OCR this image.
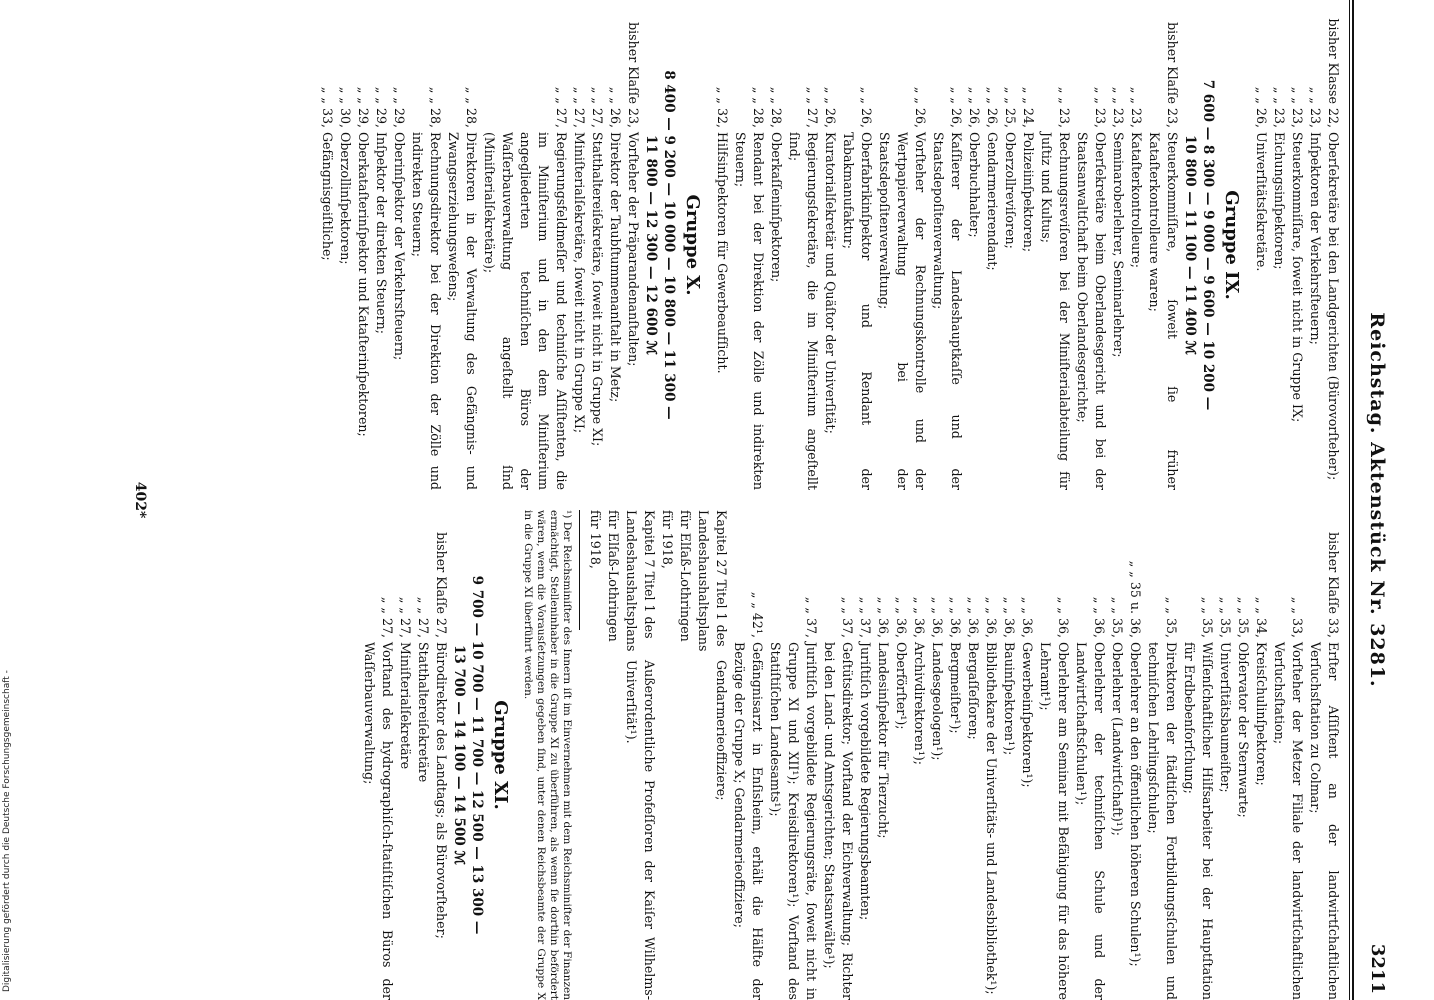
Reichstag. Aktenstück Nr. 3281.
3211
bisher Klasse 22,
Oberſekretäre bei den Landgerichten (Bürovorſteher);
„ „ 23,
Inſpektoren der Verkehrsſteuern;
„ „ 23,
Steuerkommiſſare, ſoweit nicht in Gruppe IX;
„ „ 23,
Eichungsinſpektoren;
„ „ 26,
Univerſitätsſekretäre.
Gruppe IX.
7 600 — 8 300 — 9 000 — 9 600 — 10 200 —
10 800 — 11 100 — 11 400 ℳ
bisher Klaſſe 23,
Steuerkommiſſare, ſoweit ſie früher Kataſterkontrolleure waren;
„ „ 23,
Kataſterkontrolleure;
„ „ 23,
Seminaroberlehrer, Seminarlehrer;
„ „ 23,
Oberſekretäre beim Oberlandesgericht und bei der Staatsanwaltſchaft beim Oberlandesgerichte;
„ „ 23,
Rechnungsreviſoren bei der Miniſterialabteilung für Juſtiz und Kultus;
„ „ 24,
Polizeiinſpektoren;
„ „ 25,
Oberzollreviſoren;
„ „ 26,
Gendarmerierendant;
„ „ 26,
Oberbuchhalter;
„ „ 26,
Kaſſierer der Landeshauptkaſſe und der Staatsdepoſitenverwaltung;
„ „ 26,
Vorſteher der Rechnungskontrolle und der Wertpapierverwaltung bei der Staatsdepoſitenverwaltung;
„ „ 26,
Oberfabrikinſpektor und Rendant der Tabakmanufaktur;
„ „ 26,
Kuratorialſekretär und Quäſtor der Univerſität;
„ „ 27,
Regierungsſekretäre, die im Miniſterium angeſtellt ſind;
„ „ 28,
Oberkaſſeninſpektoren;
„ „ 28,
Rendant bei der Direktion der Zölle und indirekten Steuern;
„ „ 32,
Hilfsinſpektoren für Gewerbeaufſicht.
Gruppe X.
8 400 — 9 200 — 10 000 — 10 800 — 11 300 —
11 800 — 12 300 — 12 600 ℳ
bisher Klaſſe 23,
Vorſteher der Präparandenanſtalten;
„ „ 26,
Direktor der Taubſtummenanſtalt in Metz;
„ „ 27,
Statthaltereiſekretäre, ſoweit nicht in Gruppe XI;
„ „ 27,
Miniſterialſekretäre, ſoweit nicht in Gruppe XI;
„ „ 27,
Regierungsfeldmeſſer und techniſche Aſſiſtenten, die im Miniſterium und in den dem Miniſterium angegliederten techniſchen Büros der Waſſerbauverwaltung angeſtellt ſind (Miniſterialſekretäre);
„ „ 28,
Direktoren in der Verwaltung des Gefängnis- und Zwangserziehungsweſens;
„ „ 28,
Rechnungsdirektor bei der Direktion der Zölle und indirekten Steuern;
„ „ 29,
Oberinſpektor der Verkehrsſteuern;
„ „ 29,
Inſpektor der direkten Steuern;
„ „ 29,
Oberkataſterinſpektor und Kataſterinſpektoren;
„ „ 30,
Oberzollinſpektoren;
„ „ 33,
Gefängnisgeiſtliche;
bisher Klaſſe 33,
Erſter Aſſiſtent an der landwirtſchaftlichen Verſuchsſtation zu Colmar;
„ „ 33,
Vorſteher der Metzer Filiale der landwirtſchaftlichen Verſuchsſtation;
„ „ 34,
Kreisſchulinſpektoren;
„ „ 35,
Obſervator der Sternwarte;
„ „ 35,
Univerſitätsbaumeiſter;
„ „ 35,
Wiſſenſchaftlicher Hilfsarbeiter bei der Hauptſtation für Erdbebenforſchung;
„ „ 35,
Direktoren der ſtädtiſchen Fortbildungsſchulen und techniſchen Lehrlingsſchulen;
„ „ 35 u. 36,
Oberlehrer an den öffentlichen höheren Schulen¹);
„ „ 35,
Oberlehrer (Landwirtſchaft)¹);
„ „ 36,
Oberlehrer der techniſchen Schule und der Landwirtſchaftsſchulen¹);
„ „ 36,
Oberlehrer am Seminar mit Befähigung für das höhere Lehramt¹);
„ „ 36,
Gewerbeinſpektoren¹);
„ „ 36,
Bauinſpektoren¹);
„ „ 36,
Bibliothekare der Univerſitäts- und Landesbibliothek¹);
„ „ 36,
Bergaſſeſſoren;
„ „ 36,
Bergmeiſter¹);
„ „ 36,
Landesgeologen¹);
„ „ 36,
Archivdirektoren¹);
„ „ 36,
Oberförſter¹);
„ „ 36,
Landesinſpektor für Tierzucht;
„ „ 37,
Juriſtiſch vorgebildete Regierungsbeamten;
„ „ 37,
Geſtütsdirektor; Vorſtand der Eichverwaltung; Richter bei den Land- und Amtsgerichten; Staatsanwälte¹);
„ „ 37,
Juriſtiſch vorgebildete Regierungsräte, ſoweit nicht in Gruppe XI und XII¹); Kreisdirektoren¹); Vorſtand des Statiſtiſchen Landesamts¹);
„ „ 42¹,
Gefängnisarzt in Enſisheim, erhält die Hälfte der Bezüge der Gruppe X; Gendarmerieoffiziere;
Kapitel 27 Titel 1 des Landeshaushaltsplans für Elſaß-Lothringen für 1918,
Gendarmerieoffiziere;
Kapitel 7 Titel 1 des Landeshaushaltsplans für Elſaß-Lothringen für 1918,
Außerordentliche Profeſſoren der Kaiſer Wilhelms-Univerſität¹).
¹) Der Reichsminiſter des Innern iſt im Einvernehmen mit dem Reichsminiſter der Finanzen ermächtigt, Stelleninhaber in die Gruppe XI zu überführen, als wenn ſie dorthin befördert wären, wenn die Vorausſetzungen gegeben ſind, unter denen Reichsbeamte der Gruppe X in die Gruppe XI überführt werden.
Gruppe XI.
9 700 — 10 700 — 11 700 — 12 500 — 13 300 —
13 700 — 14 100 — 14 500 ℳ
bisher Klaſſe 27,
Bürodirektor des Landtags; als Bürovorſteher;
„ „ 27,
Statthaltereiſekretäre
„ „ 27,
Miniſterialſekretäre
„ „ 27,
Vorſtand des hydrographiſch-ſtatiſtiſchen Büros der Waſſerbauverwaltung;
402*
Digitalisierung gefördert durch die Deutsche Forschungsgemeinschaft -
